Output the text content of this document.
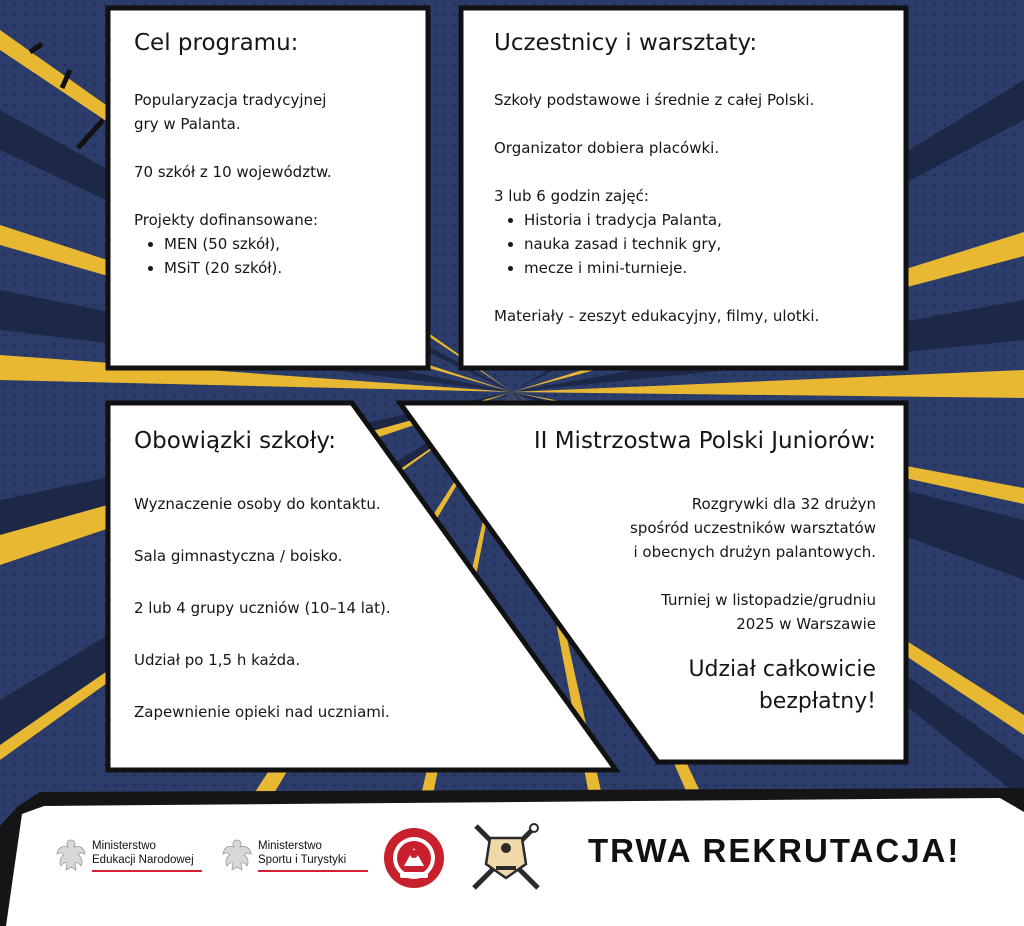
Cel programu:

Popularyzacja tradycyjnej

gry w Palanta.

70 szkół z 10 województw.

Projekty dofinansowane:

• MEN (50 szkół),
• MSiT (20 szkół).
Uczestnicy i warsztaty:

Szkoły podstawowe i średnie z całej Polski.

Organizator dobiera placówki.

3 lub 6 godzin zajęć:

• Historia i tradycja Palanta,
• nauka zasad i technik gry,
• mecze i mini-turnieje.

Materiały - zeszyt edukacyjny, filmy, ulotki.

Obowiązki szkoły:

Wyznaczenie osoby do kontaktu.

Sala gimnastyczna / boisko.

2 lub 4 grupy uczniów (10–14 lat).

Udział po 1,5 h każda.

Zapewnienie opieki nad uczniami.

II Mistrzostwa Polski Juniorów:

Rozgrywki dla 32 drużyn

spośród uczestników warsztatów

i obecnych drużyn palantowych.

Turniej w listopadzie/grudniu

2025 w Warszawie

Udział całkowicie

bezpłatny!

Ministerstwo
Edukacji Narodowej
Ministerstwo
Sportu i Turystyki	TRWA REKRUTACJA!
